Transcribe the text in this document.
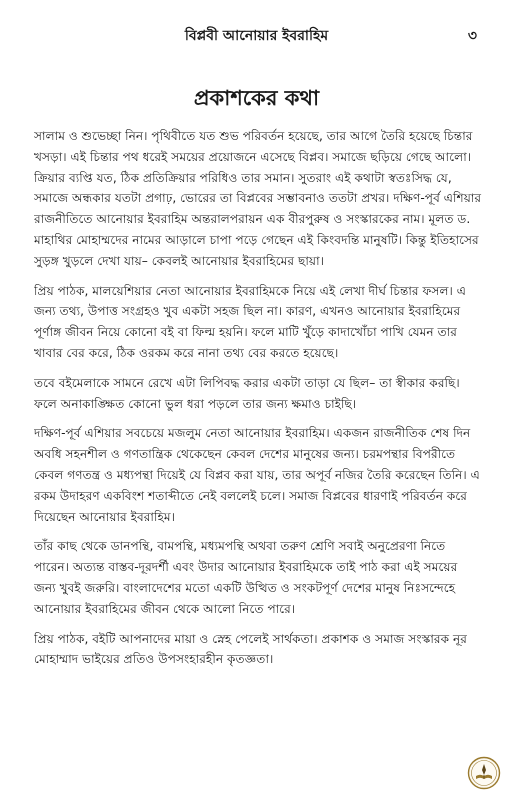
বিপ্লবী আনোয়ার ইবরাহিম	৩
প্রকাশকের কথা
সালাম ও শুভেচ্ছা নিন। পৃথিবীতে যত শুভ পরিবর্তন হয়েছে, তার আগে তৈরি হয়েছে চিন্তার
খসড়া। এই চিন্তার পথ ধরেই সময়ের প্রয়োজনে এসেছে বিপ্লব। সমাজে ছড়িয়ে গেছে আলো।
ক্রিয়ার ব্যপ্তি যত, ঠিক প্রতিক্রিয়ার পরিধিও তার সমান। সুতরাং এই কথাটা স্বতঃসিদ্ধ যে,
সমাজে অন্ধকার যতটা প্রগাঢ়, ভোরের তা বিপ্লবের সম্ভাবনাও ততটা প্রখর। দক্ষিণ-পূর্ব এশিয়ার
রাজনীতিতে আনোয়ার ইবরাহিম অন্তরালপরায়ন এক বীরপুরুষ ও সংস্কারকের নাম। মূলত ড.
মাহাথির মোহাম্মদের নামের আড়ালে চাপা পড়ে গেছেন এই কিংবদন্তি মানুষটি। কিন্তু ইতিহাসের
সুড়ঙ্গ খুড়লে দেখা যায়– কেবলই আনোয়ার ইবরাহিমের ছায়া।
প্রিয় পাঠক, মালয়েশিয়ার নেতা আনোয়ার ইবরাহিমকে নিয়ে এই লেখা দীর্ঘ চিন্তার ফসল। এ
জন্য তথ্য, উপাত্ত সংগ্রহও খুব একটা সহজ ছিল না। কারণ, এখনও আনোয়ার ইবরাহিমের
পূর্ণাঙ্গ জীবন নিয়ে কোনো বই বা ফিল্ম হয়নি। ফলে মাটি খুঁড়ে কাদাখোঁচা পাখি যেমন তার
খাবার বের করে, ঠিক ওরকম করে নানা তথ্য বের করতে হয়েছে।
তবে বইমেলাকে সামনে রেখে এটা লিপিবদ্ধ করার একটা তাড়া যে ছিল– তা স্বীকার করছি।
ফলে অনাকাঙ্ক্ষিত কোনো ভুল ধরা পড়লে তার জন্য ক্ষমাও চাইছি।
দক্ষিণ-পূর্ব এশিয়ার সবচেয়ে মজলুম নেতা আনোয়ার ইবরাহিম। একজন রাজনীতিক শেষ দিন
অবধি সহনশীল ও গণতান্ত্রিক থেকেছেন কেবল দেশের মানুষের জন্য। চরমপন্থার বিপরীতে
কেবল গণতন্ত্র ও মধ্যপন্থা দিয়েই যে বিপ্লব করা যায়, তার অপূর্ব নজির তৈরি করেছেন তিনি। এ
রকম উদাহরণ একবিংশ শতাব্দীতে নেই বললেই চলে। সমাজ বিপ্লবের ধারণাই পরিবর্তন করে
দিয়েছেন আনোয়ার ইবরাহিম।
তাঁর কাছ থেকে ডানপন্থি, বামপন্থি, মধ্যমপন্থি অথবা তরুণ শ্রেণি সবাই অনুপ্রেরণা নিতে
পারেন। অত্যন্ত বাস্তব-দূরদর্শী এবং উদার আনোয়ার ইবরাহিমকে তাই পাঠ করা এই সময়ের
জন্য খুবই জরুরি। বাংলাদেশের মতো একটি উত্থিত ও সংকটপূর্ণ দেশের মানুষ নিঃসন্দেহে
আনোয়ার ইবরাহিমের জীবন থেকে আলো নিতে পারে।
প্রিয় পাঠক, বইটি আপনাদের মায়া ও স্নেহ পেলেই সার্থকতা। প্রকাশক ও সমাজ সংস্কারক নূর
মোহাম্মাদ ভাইয়ের প্রতিও উপসংহারহীন কৃতজ্ঞতা।
